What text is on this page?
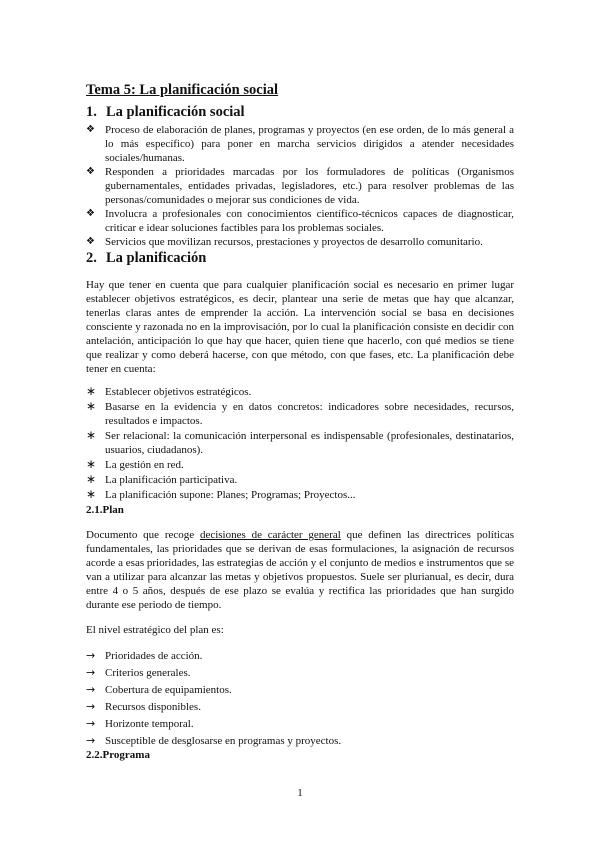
Tema 5: La planificación social
1. La planificación social
❖ Proceso de elaboración de planes, programas y proyectos (en ese orden, de lo más general a lo más específico) para poner en marcha servicios dirigidos a atender necesidades sociales/humanas.
❖ Responden a prioridades marcadas por los formuladores de políticas (Organismos gubernamentales, entidades privadas, legisladores, etc.) para resolver problemas de las personas/comunidades o mejorar sus condiciones de vida.
❖ Involucra a profesionales con conocimientos científico-técnicos capaces de diagnosticar, criticar e idear soluciones factibles para los problemas sociales.
❖ Servicios que movilizan recursos, prestaciones y proyectos de desarrollo comunitario.
2. La planificación

Hay que tener en cuenta que para cualquier planificación social es necesario en primer lugar establecer objetivos estratégicos, es decir, plantear una serie de metas que hay que alcanzar, tenerlas claras antes de emprender la acción. La intervención social se basa en decisiones consciente y razonada no en la improvisación, por lo cual la planificación consiste en decidir con antelación, anticipación lo que hay que hacer, quien tiene que hacerlo, con qué medios se tiene que realizar y como deberá hacerse, con que método, con que fases, etc. La planificación debe tener en cuenta:

∗ Establecer objetivos estratégicos.
∗ Basarse en la evidencia y en datos concretos: indicadores sobre necesidades, recursos, resultados e impactos.
∗ Ser relacional: la comunicación interpersonal es indispensable (profesionales, destinatarios, usuarios, ciudadanos).
∗ La gestión en red.
∗ La planificación participativa.
∗ La planificación supone: Planes; Programas; Proyectos...
2.1.Plan

Documento que recoge decisiones de carácter general que definen las directrices políticas fundamentales, las prioridades que se derivan de esas formulaciones, la asignación de recursos acorde a esas prioridades, las estrategias de acción y el conjunto de medios e instrumentos que se van a utilizar para alcanzar las metas y objetivos propuestos. Suele ser plurianual, es decir, dura entre 4 o 5 años, después de ese plazo se evalúa y rectifica las prioridades que han surgido durante ese periodo de tiempo.

El nivel estratégico del plan es:

→ Prioridades de acción.
→ Criterios generales.
→ Cobertura de equipamientos.
→ Recursos disponibles.
→ Horizonte temporal.
→ Susceptible de desglosarse en programas y proyectos.
2.2.Programa
1
